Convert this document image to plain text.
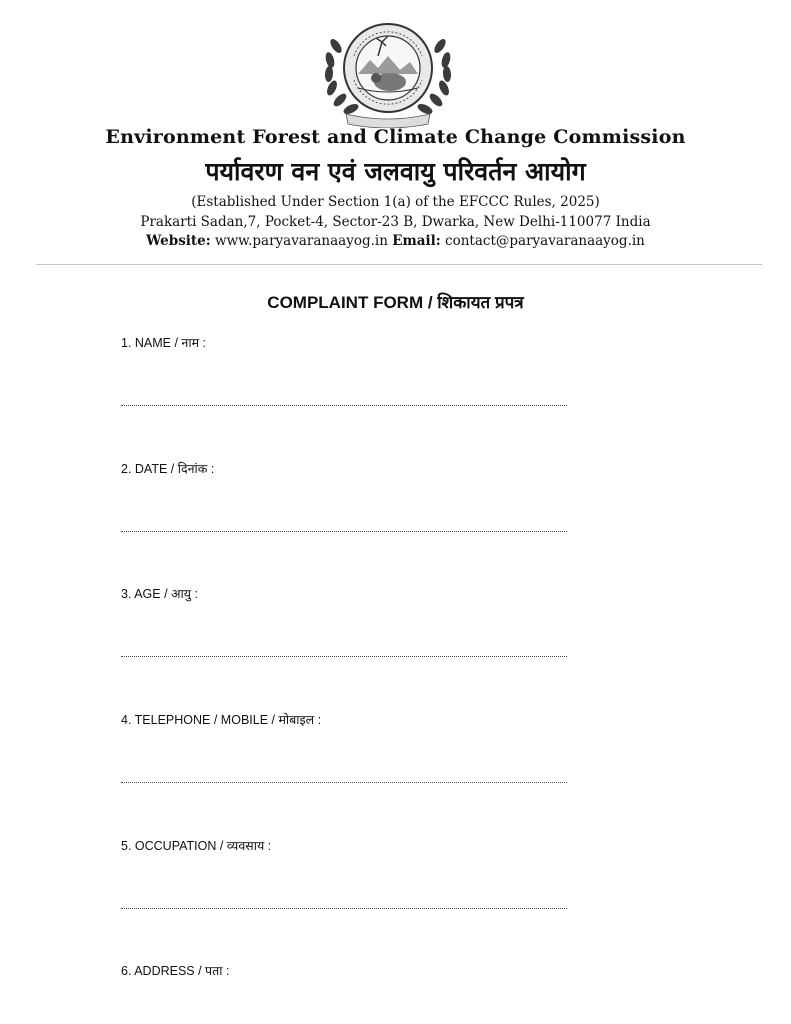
Environment Forest and Climate Change Commission
पर्यावरण वन एवं जलवायु परिवर्तन आयोग
(Established Under Section 1(a) of the EFCCC Rules, 2025)
Prakarti Sadan,7, Pocket-4, Sector-23 B, Dwarka, New Delhi-110077 India
Website: www.paryavaranaayog.in Email: contact@paryavaranaayog.in
COMPLAINT FORM / शिकायत प्रपत्र
1. NAME / नाम :
2. DATE / दिनांक :
3. AGE / आयु :
4. TELEPHONE / MOBILE / मोबाइल :
5. OCCUPATION / व्यवसाय :
6. ADDRESS / पता :
